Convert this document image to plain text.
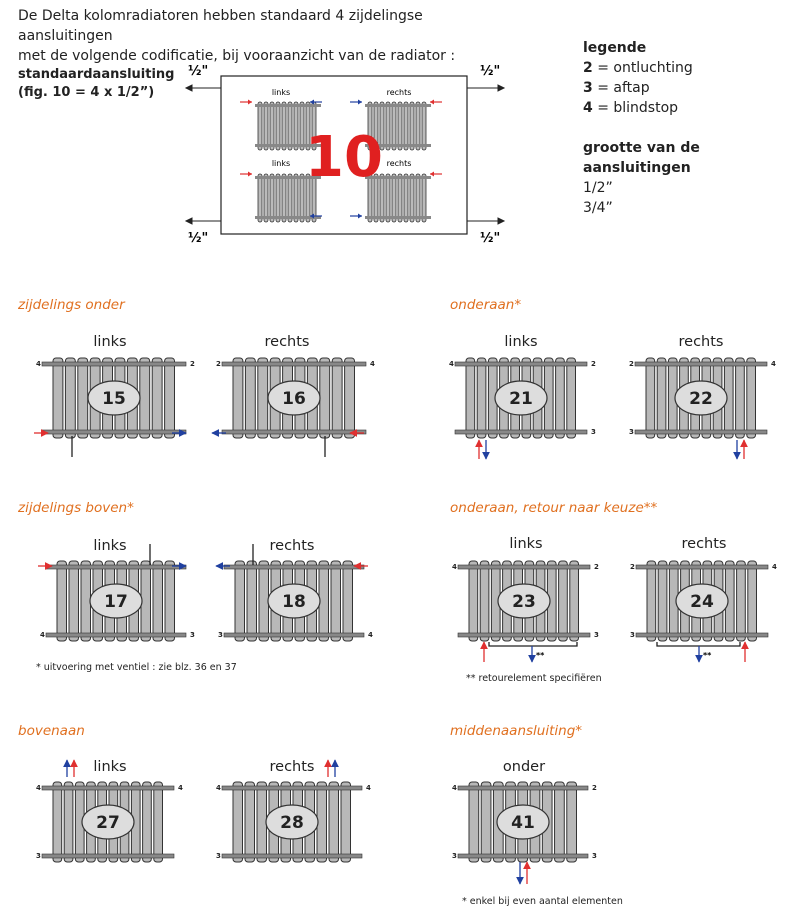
De Delta kolomradiatoren hebben standaard 4 zijdelingse aansluitingen
met de volgende codificatie, bij vooraanzicht van de radiator :
standaardaansluiting
(fig. 10 = 4 x 1/2”)
legende
2 = ontluchting
3 = aftap
4 = blindstop
grootte van de aansluitingen
1/2”
3/4”
½"	½"
½"	½"
links	rechts
links	rechts
10
zijdelings onder	onderaan*
zijdelings boven*	onderaan, retour naar keuze**
bovenaan	middenaansluiting*
links	rechts	links	rechts
links	rechts	links	rechts
links	rechts	onder
15
4	2
16
2	4
21
4	2
3
22
2	4
3
17
4	3
18
3	4
23
2
4
3
24
2	4
3
27
4	4
3
28
4	4
3
41
4	2
3	3
**	**
* uitvoering met ventiel : zie blz. 36 en 37
** retourelement specifiëren
* enkel bij even aantal elementen
